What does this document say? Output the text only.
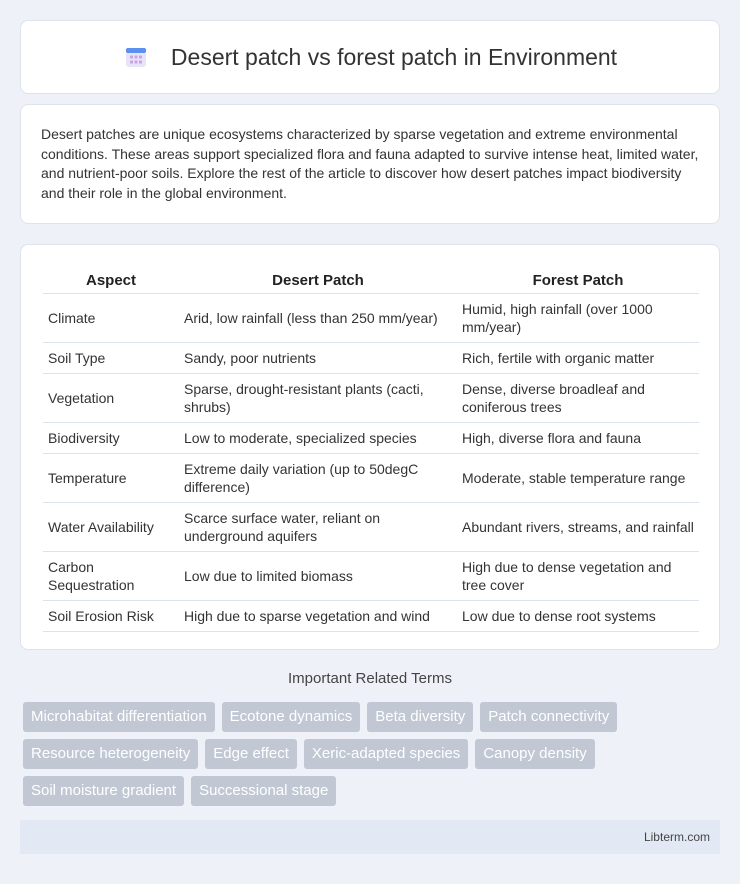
Desert patch vs forest patch in Environment

Desert patches are unique ecosystems characterized by sparse vegetation and extreme environmental conditions. These areas support specialized flora and fauna adapted to survive intense heat, limited water, and nutrient-poor soils. Explore the rest of the article to discover how desert patches impact biodiversity and their role in the global environment.

Aspect	Desert Patch	Forest Patch
Climate	Arid, low rainfall (less than 250 mm/year)	Humid, high rainfall (over 1000 mm/year)
Soil Type	Sandy, poor nutrients	Rich, fertile with organic matter
Vegetation	Sparse, drought-resistant plants (cacti, shrubs)	Dense, diverse broadleaf and coniferous trees
Biodiversity	Low to moderate, specialized species	High, diverse flora and fauna
Temperature	Extreme daily variation (up to 50degC difference)	Moderate, stable temperature range
Water Availability	Scarce surface water, reliant on underground aquifers	Abundant rivers, streams, and rainfall
Carbon Sequestration	Low due to limited biomass	High due to dense vegetation and tree cover
Soil Erosion Risk	High due to sparse vegetation and wind	Low due to dense root systems
Important Related Terms
Microhabitat differentiation	Ecotone dynamics	Beta diversity	Patch connectivity
Resource heterogeneity	Edge effect	Xeric-adapted species	Canopy density
Soil moisture gradient	Successional stage
Libterm.com
